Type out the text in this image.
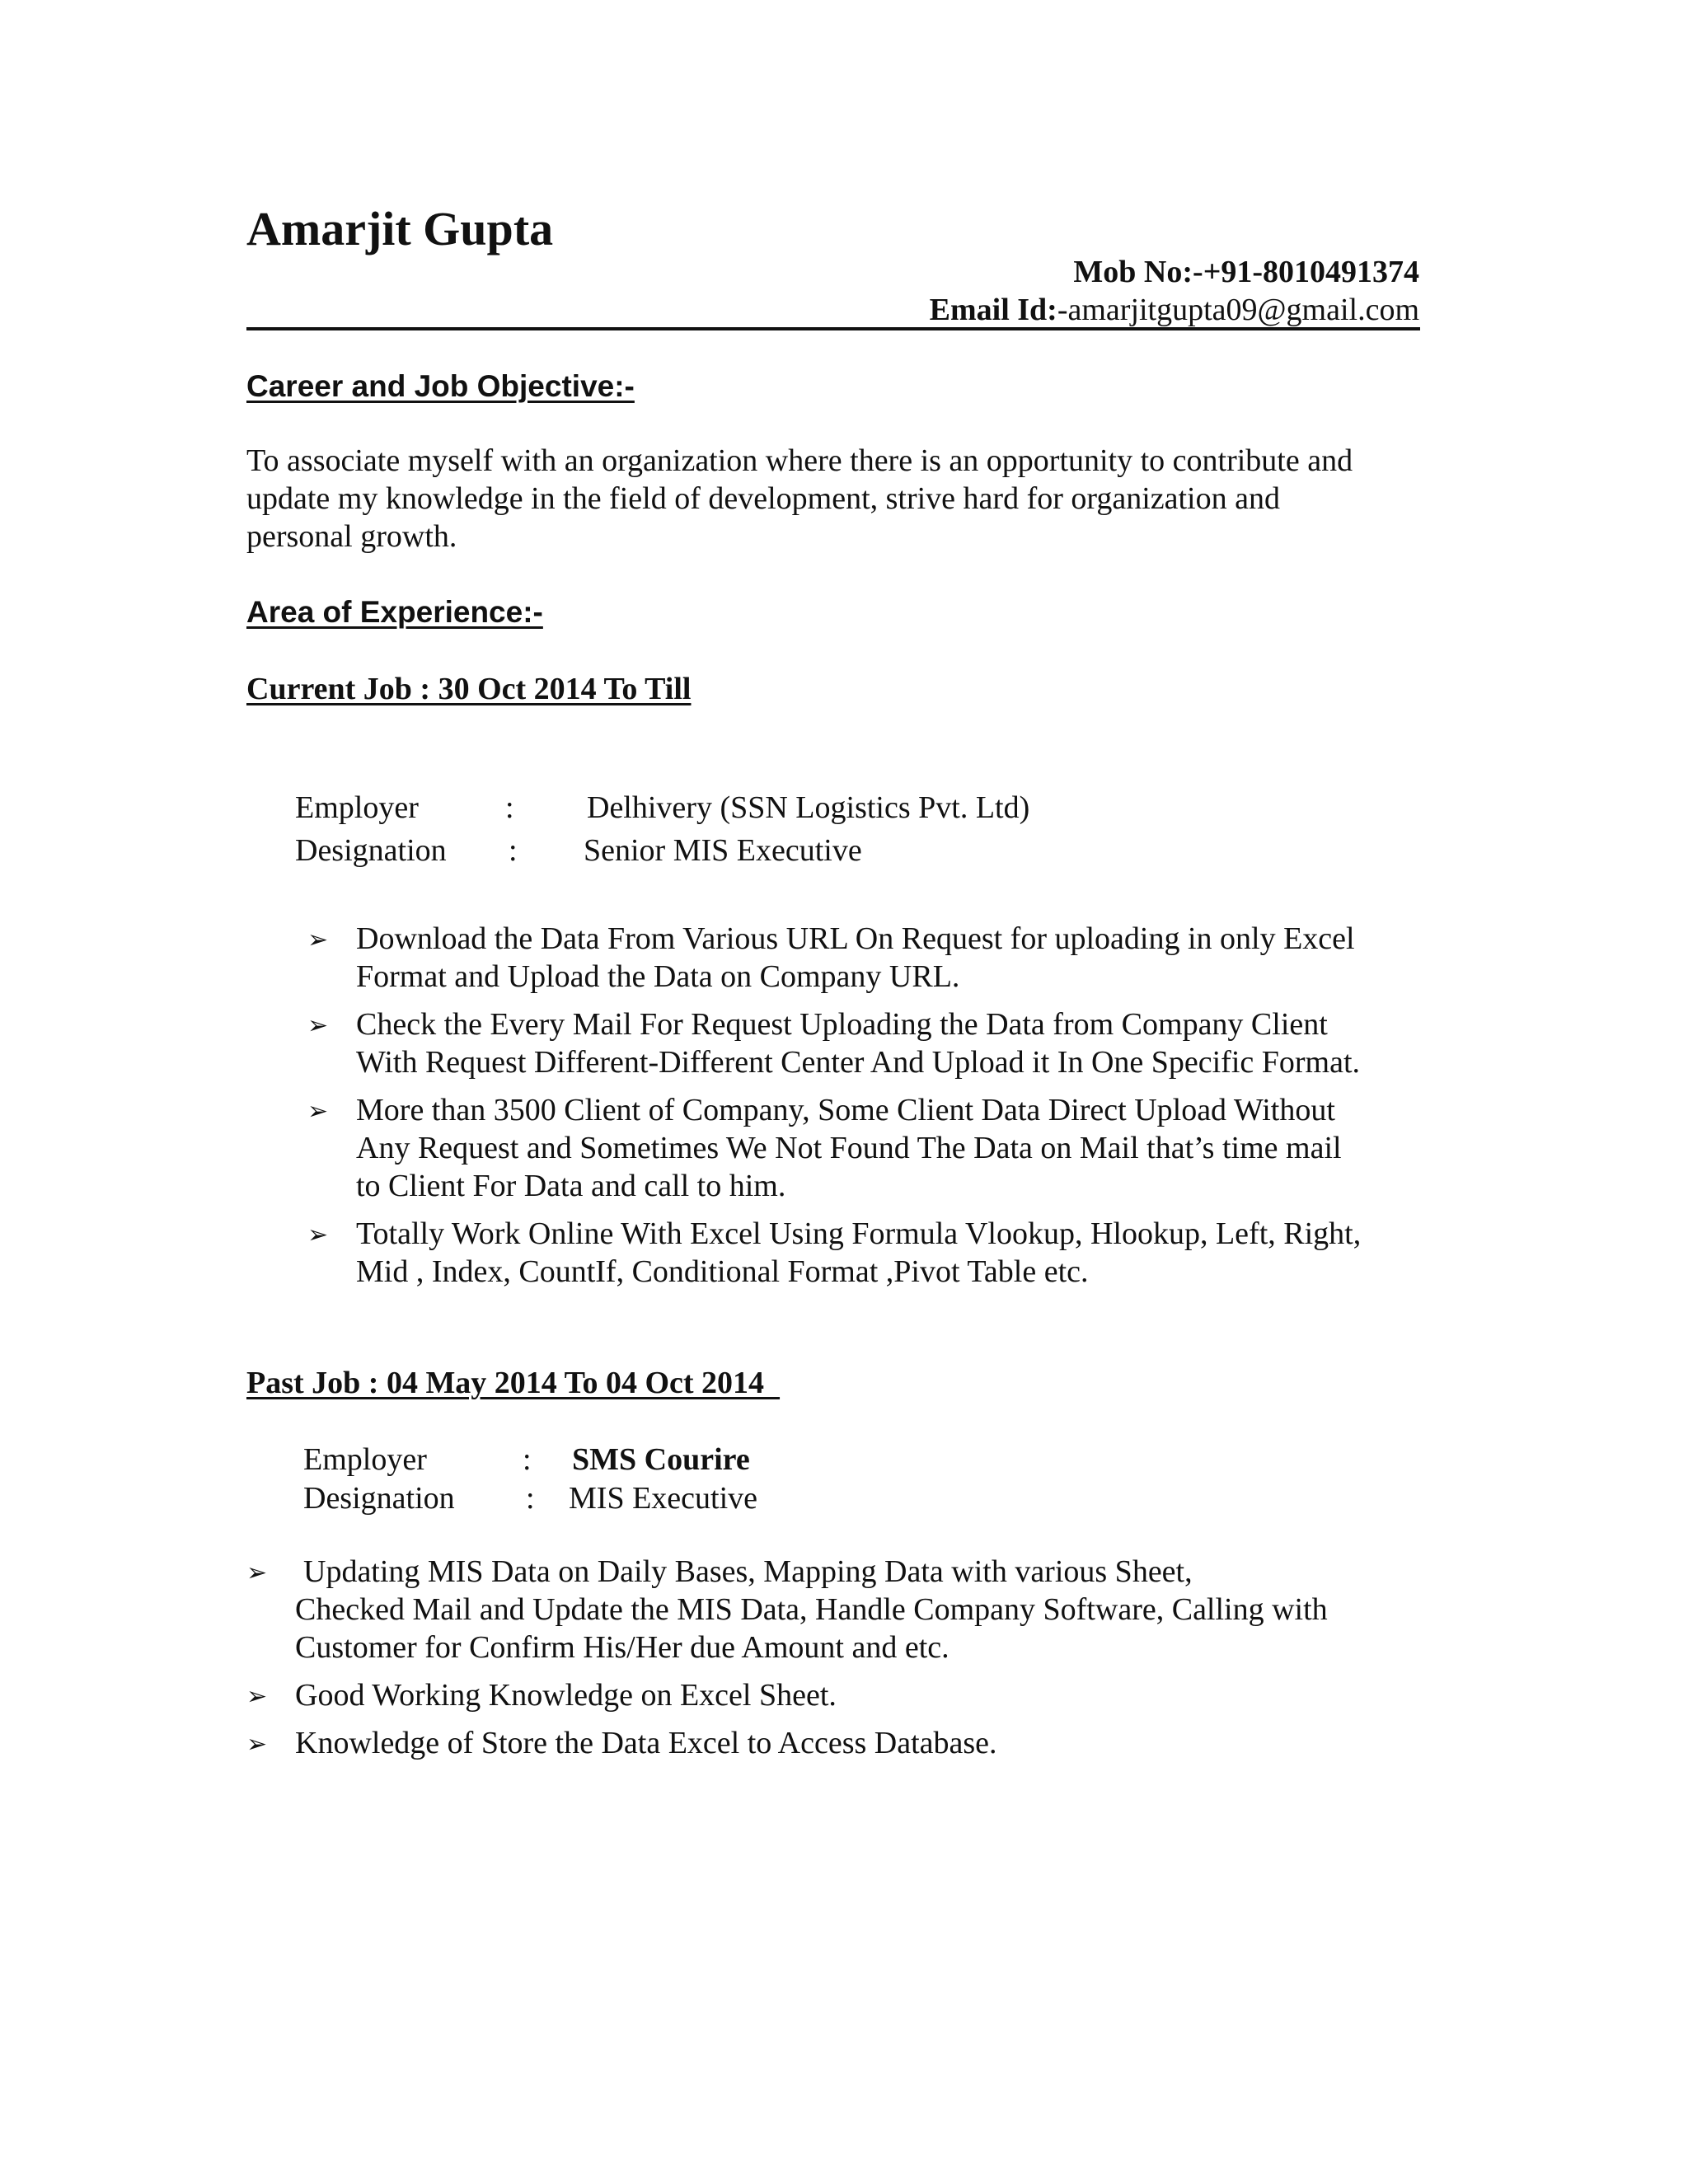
Amarjit Gupta
Mob No:-+91-8010491374
Email Id:-amarjitgupta09@gmail.com
Career and Job Objective:-
To associate myself with an organization where there is an opportunity to contribute and
update my knowledge in the field of development, strive hard for organization and
personal growth.
Area of Experience:-
Current Job : 30 Oct 2014 To Till
Employer	: Delhivery (SSN Logistics Pvt. Ltd)
Designation : Senior MIS Executive
➢ Download the Data From Various URL On Request for uploading in only Excel
Format and Upload the Data on Company URL.
➢ Check the Every Mail For Request Uploading the Data from Company Client
With Request Different-Different Center And Upload it In One Specific Format.
➢ More than 3500 Client of Company, Some Client Data Direct Upload Without
Any Request and Sometimes We Not Found The Data on Mail that’s time mail
to Client For Data and call to him.
➢ Totally Work Online With Excel Using Formula Vlookup, Hlookup, Left, Right,
Mid , Index, CountIf, Conditional Format ,Pivot Table etc.
Past Job : 04 May 2014 To 04 Oct 2014
Employer	: SMS Courire
Designation : MIS Executive
➢ Updating MIS Data on Daily Bases, Mapping Data with various Sheet,
Checked Mail and Update the MIS Data, Handle Company Software, Calling with
Customer for Confirm His/Her due Amount and etc.
➢ Good Working Knowledge on Excel Sheet.
➢ Knowledge of Store the Data Excel to Access Database.
